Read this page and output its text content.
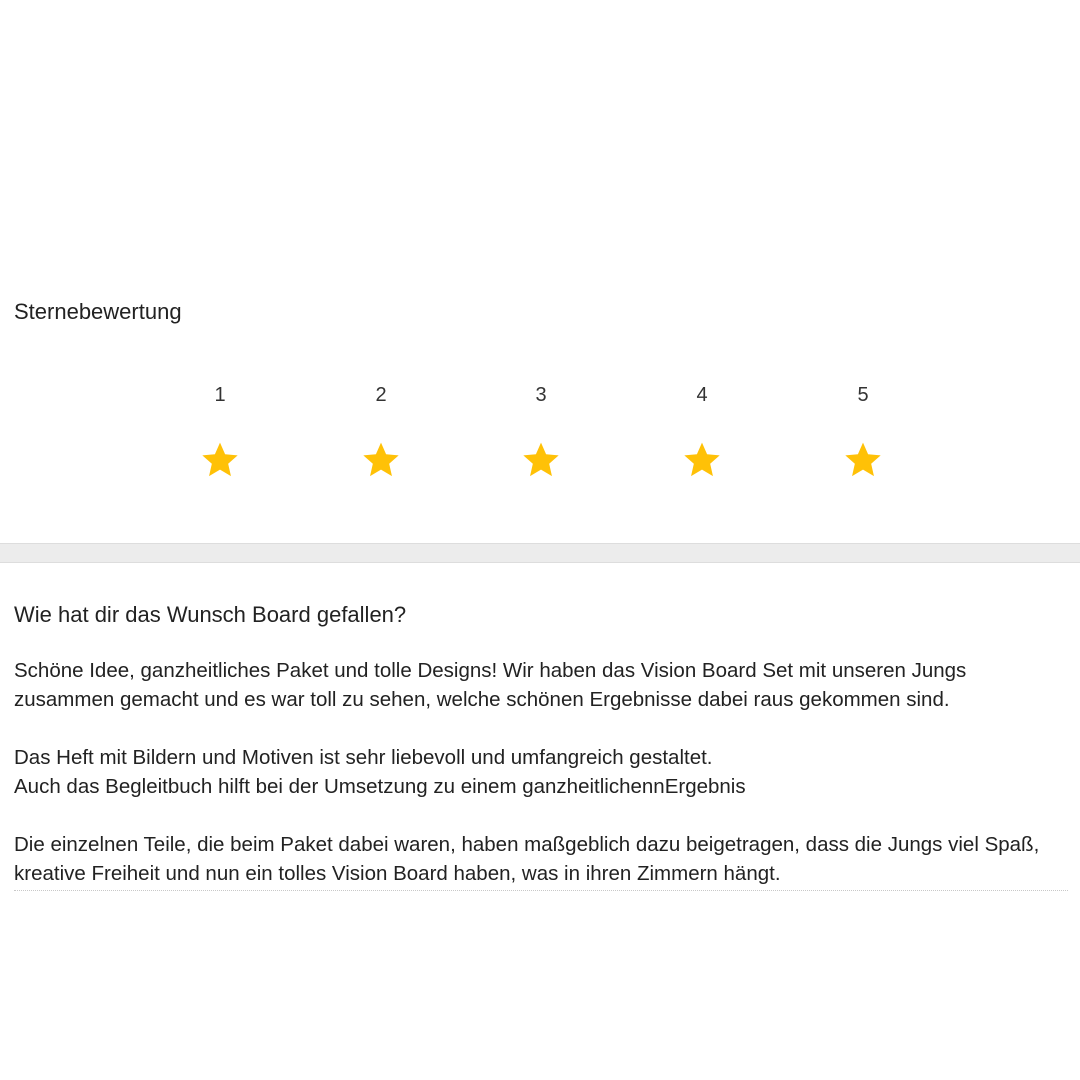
Sternebewertung
1	2	3	4	5
Wie hat dir das Wunsch Board gefallen?

Schöne Idee, ganzheitliches Paket und tolle Designs! Wir haben das Vision Board Set mit unseren Jungs
zusammen gemacht und es war toll zu sehen, welche schönen Ergebnisse dabei raus gekommen sind.

Das Heft mit Bildern und Motiven ist sehr liebevoll und umfangreich gestaltet.
Auch das Begleitbuch hilft bei der Umsetzung zu einem ganzheitlichennErgebnis

Die einzelnen Teile, die beim Paket dabei waren, haben maßgeblich dazu beigetragen, dass die Jungs viel Spaß,
kreative Freiheit und nun ein tolles Vision Board haben, was in ihren Zimmern hängt.
